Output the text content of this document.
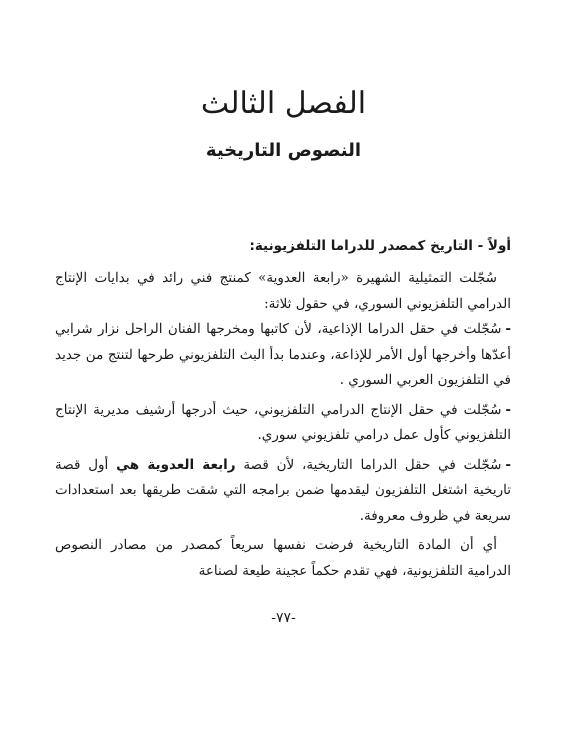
الفصل الثالث
النصوص التاريخية
أولاً - التاريخ كمصدر للدراما التلفزيونية:

سُجّلت التمثيلية الشهيرة «رابعة العدوية» كمنتج فني رائد في بدايات الإنتاج الدرامي التلفزيوني السوري، في حقول ثلاثة:

-سُجّلت في حقل الدراما الإذاعية، لأن كاتبها ومخرجها الفنان الراحل نزار شرابي أعدّها وأخرجها أول الأمر للإذاعة، وعندما بدأ البث التلفزيوني طرحها لتنتج من جديد في التلفزيون العربي السوري .
-سُجّلت في حقل الإنتاج الدرامي التلفزيوني، حيث أدرجها أرشيف مديرية الإنتاج التلفزيوني كأول عمل درامي تلفزيوني سوري.
-سُجّلت في حقل الدراما التاريخية، لأن قصة رابعة العدوية هي أول قصة تاريخية اشتغل التلفزيون ليقدمها ضمن برامجه التي شقت طريقها بعد استعدادات سريعة في ظروف معروفة.

أي أن المادة التاريخية فرضت نفسها سريعاً كمصدر من مصادر النصوص الدرامية التلفزيونية، فهي تقدم حكماً عجينة طيعة لصناعة

-٧٧-
